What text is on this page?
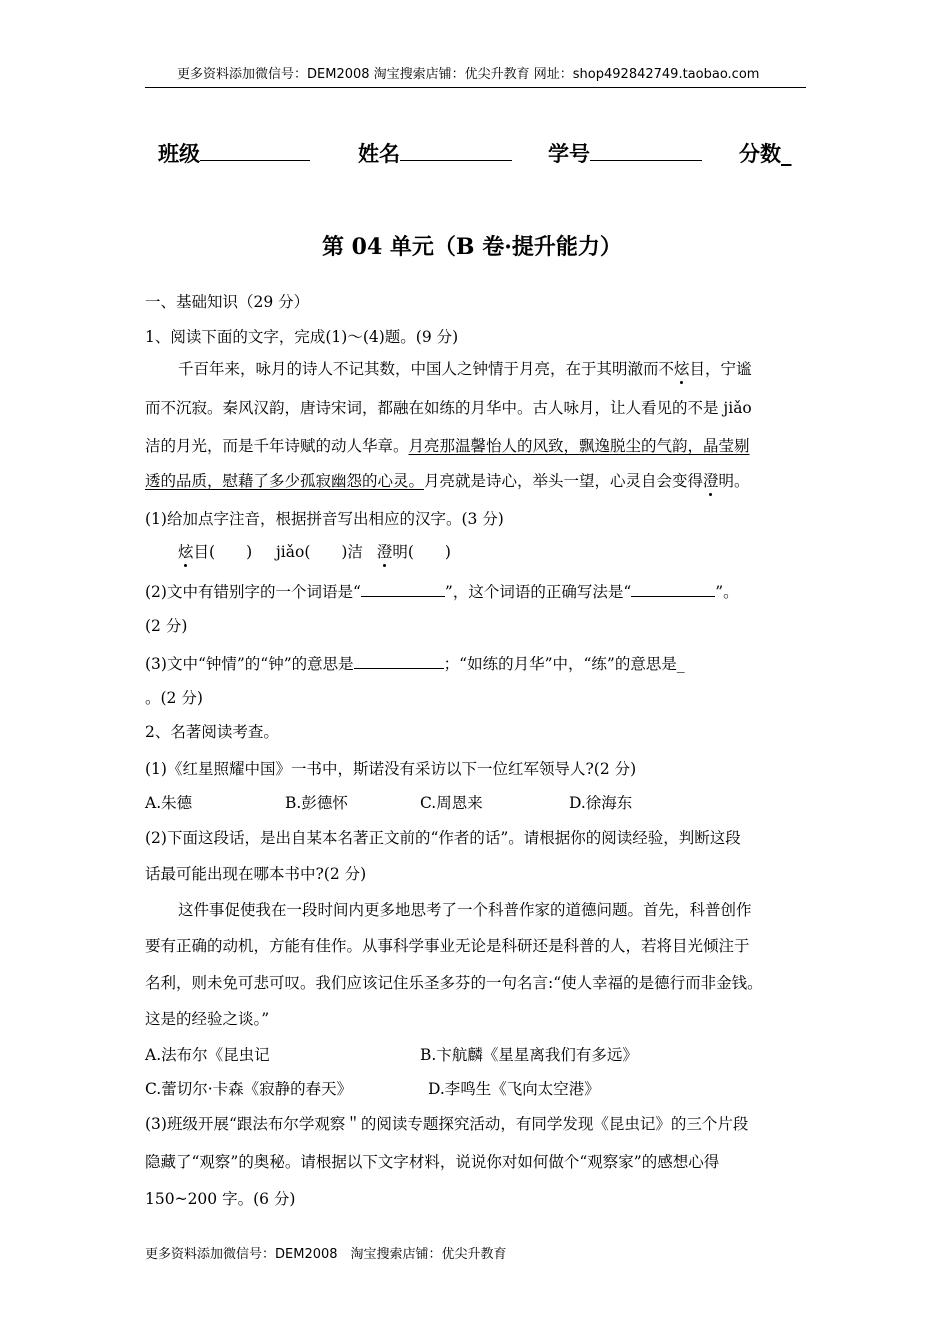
更多资料添加微信号：DEM2008 淘宝搜索店铺：优尖升教育 网址：shop492842749.taobao.com
班级	姓名	学号	分数_
第 04 单元（B 卷·提升能力）
一、基础知识（29 分）
1、阅读下面的文字，完成(1)～(4)题。(9 分)
千百年来，咏月的诗人不记其数，中国人之钟情于月亮，在于其明澈而不炫目，宁谧
而不沉寂。秦风汉韵，唐诗宋词，都融在如练的月华中。古人咏月，让人看见的不是 jiǎo
洁的月光，而是千年诗赋的动人华章。月亮那温馨怡人的风致，飘逸脱尘的气韵，晶莹剔
透的品质，慰藉了多少孤寂幽怨的心灵。月亮就是诗心，举头一望，心灵自会变得澄明。
(1)给加点字注音，根据拼音写出相应的汉字。(3 分)
炫目(　　) jiǎo(　　)洁 澄明(　　)
(2)文中有错别字的一个词语是“	”，这个词语的正确写法是“	”。
(2 分)
(3)文中“钟情”的“钟”的意思是	；“如练的月华”中，“练”的意思是_
。(2 分)
2、名著阅读考查。
(1)《红星照耀中国》一书中，斯诺没有采访以下一位红军领导人?(2 分)
A.朱德	B.彭德怀	C.周恩来	D.徐海东
(2)下面这段话，是出自某本名著正文前的“作者的话”。请根据你的阅读经验，判断这段
话最可能出现在哪本书中?(2 分)
这件事促使我在一段时间内更多地思考了一个科普作家的道德问题。首先，科普创作
要有正确的动机，方能有佳作。从事科学事业无论是科研还是科普的人，若将目光倾注于
名利，则未免可悲可叹。我们应该记住乐圣多芬的一句名言:“使人幸福的是德行而非金钱。
这是的经验之谈。”
A.法布尔《昆虫记	B.卞航麟《星星离我们有多远》
C.蕾切尔·卡森《寂静的春天》	D.李鸣生《飞向太空港》
(3)班级开展“跟法布尔学观察＂的阅读专题探究活动，有同学发现《昆虫记》的三个片段
隐藏了“观察”的奥秘。请根据以下文字材料，说说你对如何做个“观察家”的感想心得
150~200 字。(6 分)
更多资料添加微信号：DEM2008　淘宝搜索店铺：优尖升教育
